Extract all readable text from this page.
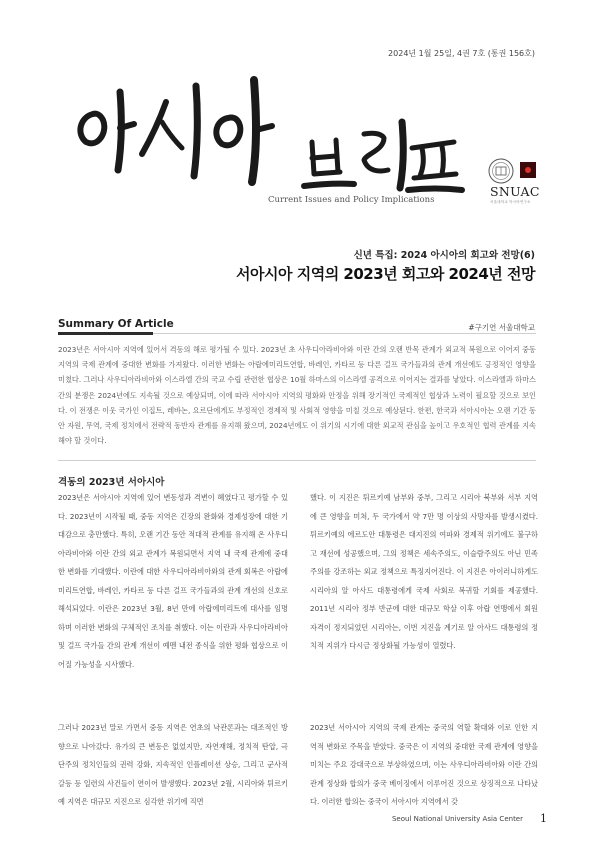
2024년 1월 25일, 4권 7호 (통권 156호)
Current Issues and Policy Implications
SNUAC
서울대학교 아시아연구소
신년 특집: 2024 아시아의 회고와 전망(6)
서아시아 지역의 2023년 회고와 2024년 전망
Summary Of Article	#구기연 서울대학교

2023년은 서아시아 지역에 있어서 격동의 해로 평가될 수 있다. 2023년 초 사우디아라비아와 이란 간의 오랜 반목 관계가 외교적 복원으로 이어져 중동 지역의 국제 관계에 중대한 변화를 가져왔다. 이러한 변화는 아랍에미리트연합, 바레인, 카타르 등 다른 걸프 국가들과의 관계 개선에도 긍정적인 영향을 미쳤다. 그러나 사우디아라비아와 이스라엘 간의 국교 수립 관련한 협상은 10월 하마스의 이스라엘 공격으로 이어지는 결과를 낳았다. 이스라엘과 하마스 간의 분쟁은 2024년에도 지속될 것으로 예상되며, 이에 따라 서아시아 지역의 평화와 안정을 위해 장기적인 국제적인 협상과 노력이 필요할 것으로 보인다. 이 전쟁은 이웃 국가인 이집트, 레바논, 요르단에게도 부정적인 경제적 및 사회적 영향을 미칠 것으로 예상된다. 한편, 한국과 서아시아는 오랜 기간 동안 자원, 무역, 국제 정치에서 전략적 동반자 관계를 유지해 왔으며, 2024년에도 이 위기의 시기에 대한 외교적 관심을 높이고 우호적인 협력 관계를 지속해야 할 것이다.

격동의 2023년 서아시아

2023년은 서아시아 지역에 있어 변동성과 격변이 혜였다고 평가할 수 있다. 2023년이 시작될 때, 중동 지역은 긴장의 완화와 경제성장에 대한 기대감으로 충만했다. 특히, 오랜 기간 동안 적대적 관계를 유지해 온 사우디아라비아와 이란 간의 외교 관계가 복원되면서 지역 내 국제 관계에 중대한 변화를 기대했다. 이란에 대한 사우디아라비아와의 관계 회복은 아랍에미리트연합, 바레인, 카타르 등 다른 걸프 국가들과의 관계 개선의 신호로 해석되었다. 이란은 2023년 3월, 8년 만에 아랍에미리트에 대사를 임명하며 이러한 변화의 구체적인 조치를 취했다. 이는 이란과 사우디아라비아 및 걸프 국가들 간의 관계 개선이 예멘 내전 종식을 위한 평화 협상으로 이어질 가능성을 시사했다.

그러나 2023년 말로 가면서 중동 지역은 연초의 낙관론과는 대조적인 방향으로 나아갔다. 유가의 큰 변동은 없었지만, 자연재해, 정치적 탄압, 극단주의 정치인들의 권력 강화, 지속적인 인플레이션 상승, 그리고 군사적 갈등 등 일련의 사건들이 연이어 발생했다. 2023년 2월, 시리아와 튀르키예 지역은 대규모 지진으로 심각한 위기에 직면

했다. 이 지진은 튀르키예 남부와 중부, 그리고 시리아 북부와 서부 지역에 큰 영향을 미쳐, 두 국가에서 약 7만 명 이상의 사망자를 발생시켰다. 튀르키예의 에르도안 대통령은 대지진의 여파와 경제적 위기에도 불구하고 재선에 성공했으며, 그의 정책은 세속주의도, 이슬람주의도 아닌 민족주의를 강조하는 외교 정책으로 특징지어진다. 이 지진은 아이러니하게도 시리아의 알 아사드 대통령에게 국제 사회로 복귀할 기회를 제공했다. 2011년 시리아 정부 반군에 대한 대규모 학살 이후 아랍 연맹에서 회원 자격이 정지되었던 시리아는, 이번 지진을 계기로 알 아사드 대통령의 정치적 지위가 다시금 정상화될 가능성이 열렸다.

2023년 서아시아 지역의 국제 관계는 중국의 역할 확대와 이로 인한 지역적 변화로 주목을 받았다. 중국은 이 지역의 중대한 국제 관계에 영향을 미치는 주요 강대국으로 부상하였으며, 이는 사우디아라비아와 이란 간의 관계 정상화 합의가 중국 베이징에서 이루어진 것으로 상징적으로 나타났다. 이러한 합의는 중국이 서아시아 지역에서 갖

Seoul National University Asia Center 1
